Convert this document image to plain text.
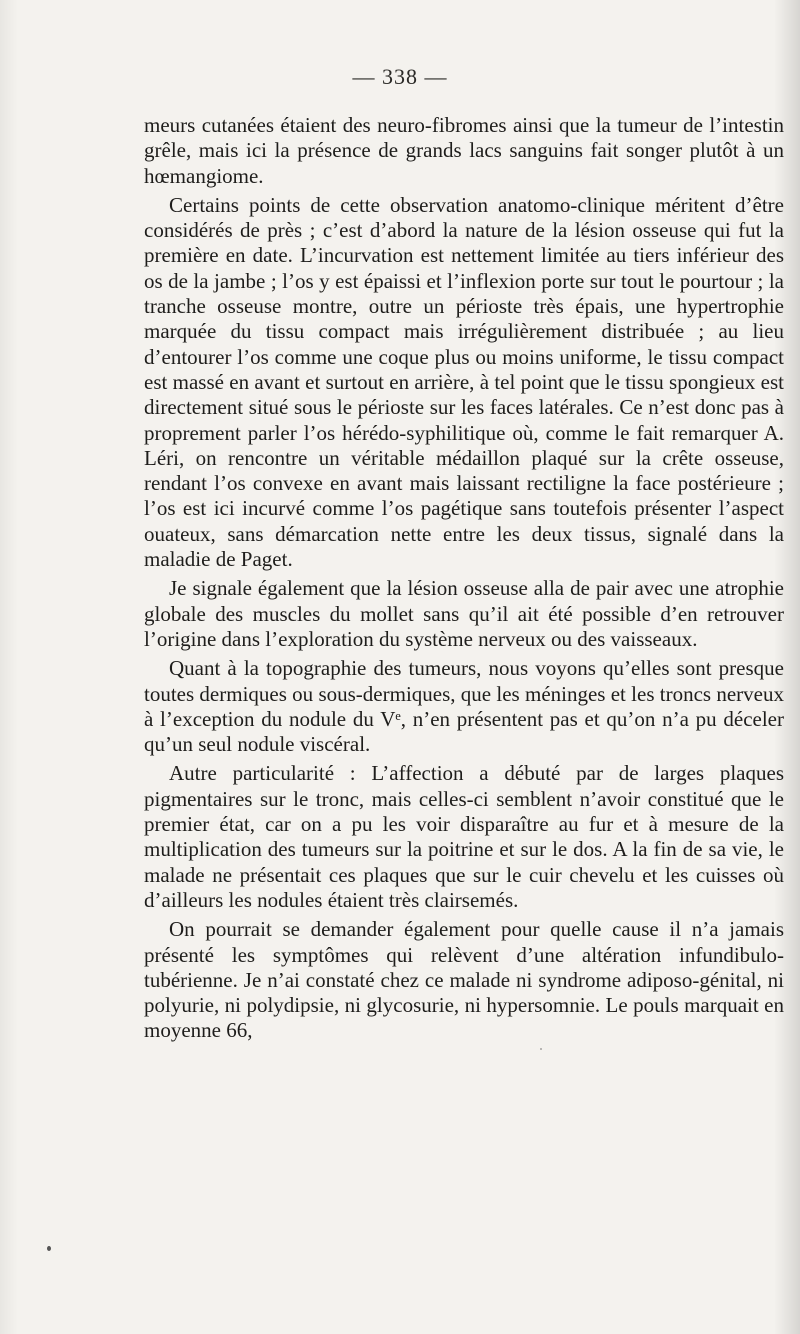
— 338 —

meurs cutanées étaient des neuro-fibromes ainsi que la tumeur de l’intestin grêle, mais ici la présence de grands lacs sanguins fait songer plutôt à un hœmangiome.

Certains points de cette observation anatomo-clinique méritent d’être considérés de près ; c’est d’abord la nature de la lésion osseuse qui fut la première en date. L’incurvation est nettement limitée au tiers inférieur des os de la jambe ; l’os y est épaissi et l’inflexion porte sur tout le pourtour ; la tranche osseuse montre, outre un périoste très épais, une hypertrophie marquée du tissu compact mais irrégulièrement distribuée ; au lieu d’entourer l’os comme une coque plus ou moins uniforme, le tissu compact est massé en avant et surtout en arrière, à tel point que le tissu spongieux est directement situé sous le périoste sur les faces latérales. Ce n’est donc pas à proprement parler l’os hérédo-syphilitique où, comme le fait remarquer A. Léri, on rencontre un véritable médaillon plaqué sur la crête osseuse, rendant l’os convexe en avant mais laissant rectiligne la face postérieure ; l’os est ici incurvé comme l’os pagétique sans toutefois présenter l’aspect ouateux, sans démarcation nette entre les deux tissus, signalé dans la maladie de Paget.

Je signale également que la lésion osseuse alla de pair avec une atrophie globale des muscles du mollet sans qu’il ait été possible d’en retrouver l’origine dans l’exploration du système nerveux ou des vaisseaux.

Quant à la topographie des tumeurs, nous voyons qu’elles sont presque toutes dermiques ou sous-dermiques, que les méninges et les troncs nerveux à l’exception du nodule du Vᵉ, n’en présentent pas et qu’on n’a pu déceler qu’un seul nodule viscéral.

Autre particularité : L’affection a débuté par de larges plaques pigmentaires sur le tronc, mais celles-ci semblent n’avoir constitué que le premier état, car on a pu les voir disparaître au fur et à mesure de la multiplication des tumeurs sur la poitrine et sur le dos. A la fin de sa vie, le malade ne présentait ces plaques que sur le cuir chevelu et les cuisses où d’ailleurs les nodules étaient très clairsemés.

On pourrait se demander également pour quelle cause il n’a jamais présenté les symptômes qui relèvent d’une altération infundibulo-tubérienne. Je n’ai constaté chez ce malade ni syndrome adiposo-génital, ni polyurie, ni polydipsie, ni glycosurie, ni hypersomnie. Le pouls marquait en moyenne 66,
